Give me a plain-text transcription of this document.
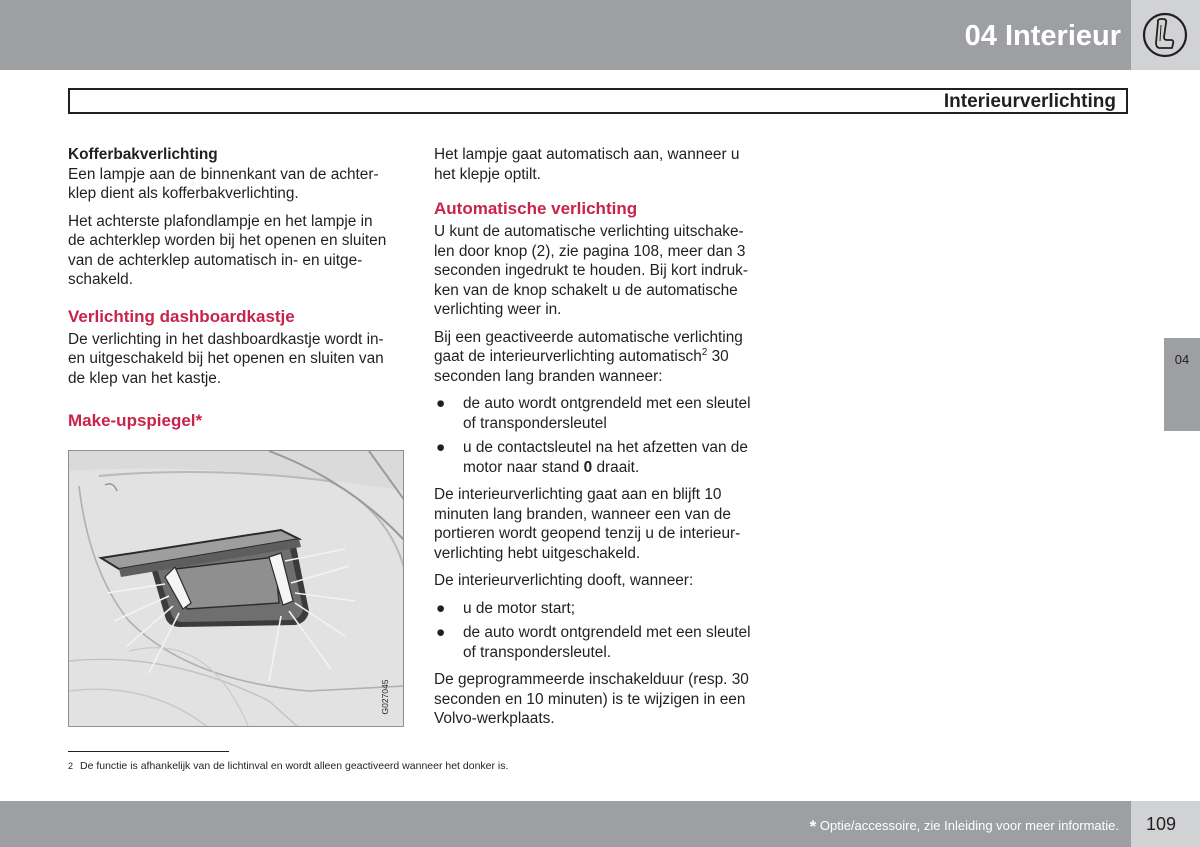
04 Interieur
Interieurverlichting
Kofferbakverlichting

Een lampje aan de binnenkant van de achter-
klep dient als kofferbakverlichting.

Het achterste plafondlampje en het lampje in
de achterklep worden bij het openen en sluiten
van de achterklep automatisch in- en uitge-
schakeld.

Verlichting dashboardkastje

De verlichting in het dashboardkastje wordt in-
en uitgeschakeld bij het openen en sluiten van
de klep van het kastje.

Make-upspiegel*
G027045

Het lampje gaat automatisch aan, wanneer u
het klepje optilt.

Automatische verlichting

U kunt de automatische verlichting uitschake-
len door knop (2), zie pagina 108, meer dan 3
seconden ingedrukt te houden. Bij kort indruk-
ken van de knop schakelt u de automatische
verlichting weer in.

Bij een geactiveerde automatische verlichting
gaat de interieurverlichting automatisch$^2$ 30
seconden lang branden wanneer:

● de auto wordt ontgrendeld met een sleutel
of transpondersleutel
● u de contactsleutel na het afzetten van de
motor naar stand 0 draait.

De interieurverlichting gaat aan en blijft 10
minuten lang branden, wanneer een van de
portieren wordt geopend tenzij u de interieur-
verlichting hebt uitgeschakeld.

De interieurverlichting dooft, wanneer:

● u de motor start;
● de auto wordt ontgrendeld met een sleutel
of transpondersleutel.

De geprogrammeerde inschakelduur (resp. 30
seconden en 10 minuten) is te wijzigen in een
Volvo-werkplaats.

2 De functie is afhankelijk van de lichtinval en wordt alleen geactiveerd wanneer het donker is.
04
* Optie/accessoire, zie Inleiding voor meer informatie.	109
